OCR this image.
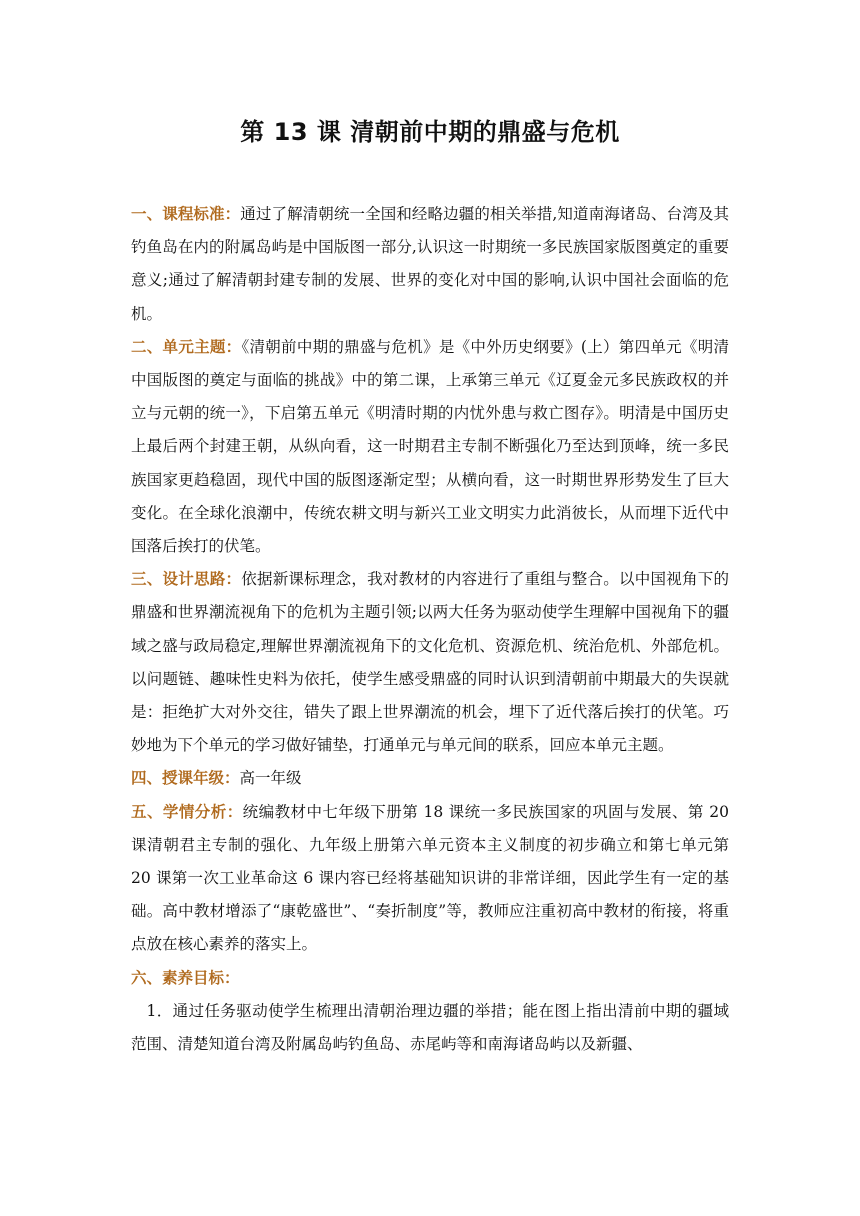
第 13 课 清朝前中期的鼎盛与危机

一、课程标准：通过了解清朝统一全国和经略边疆的相关举措,知道南海诸岛、台湾及其钓鱼岛在内的附属岛屿是中国版图一部分,认识这一时期统一多民族国家版图奠定的重要意义;通过了解清朝封建专制的发展、世界的变化对中国的影响,认识中国社会面临的危机。

二、单元主题：《清朝前中期的鼎盛与危机》是《中外历史纲要》(上）第四单元《明清中国版图的奠定与面临的挑战》中的第二课，上承第三单元《辽夏金元多民族政权的并立与元朝的统一》，下启第五单元《明清时期的内忧外患与救亡图存》。明清是中国历史上最后两个封建王朝，从纵向看，这一时期君主专制不断强化乃至达到顶峰，统一多民族国家更趋稳固，现代中国的版图逐渐定型；从横向看，这一时期世界形势发生了巨大变化。在全球化浪潮中，传统农耕文明与新兴工业文明实力此消彼长，从而埋下近代中国落后挨打的伏笔。

三、设计思路：依据新课标理念，我对教材的内容进行了重组与整合。以中国视角下的鼎盛和世界潮流视角下的危机为主题引领;以两大任务为驱动使学生理解中国视角下的疆域之盛与政局稳定,理解世界潮流视角下的文化危机、资源危机、统治危机、外部危机。以问题链、趣味性史料为依托，使学生感受鼎盛的同时认识到清朝前中期最大的失误就是：拒绝扩大对外交往，错失了跟上世界潮流的机会，埋下了近代落后挨打的伏笔。巧妙地为下个单元的学习做好铺垫，打通单元与单元间的联系，回应本单元主题。

四、授课年级：高一年级

五、学情分析：统编教材中七年级下册第 18 课统一多民族国家的巩固与发展、第 20 课清朝君主专制的强化、九年级上册第六单元资本主义制度的初步确立和第七单元第 20 课第一次工业革命这 6 课内容已经将基础知识讲的非常详细，因此学生有一定的基础。高中教材增添了“康乾盛世”、“奏折制度”等，教师应注重初高中教材的衔接，将重点放在核心素养的落实上。

六、素养目标：

1．通过任务驱动使学生梳理出清朝治理边疆的举措；能在图上指出清前中期的疆域范围、清楚知道台湾及附属岛屿钓鱼岛、赤尾屿等和南海诸岛屿以及新疆、
